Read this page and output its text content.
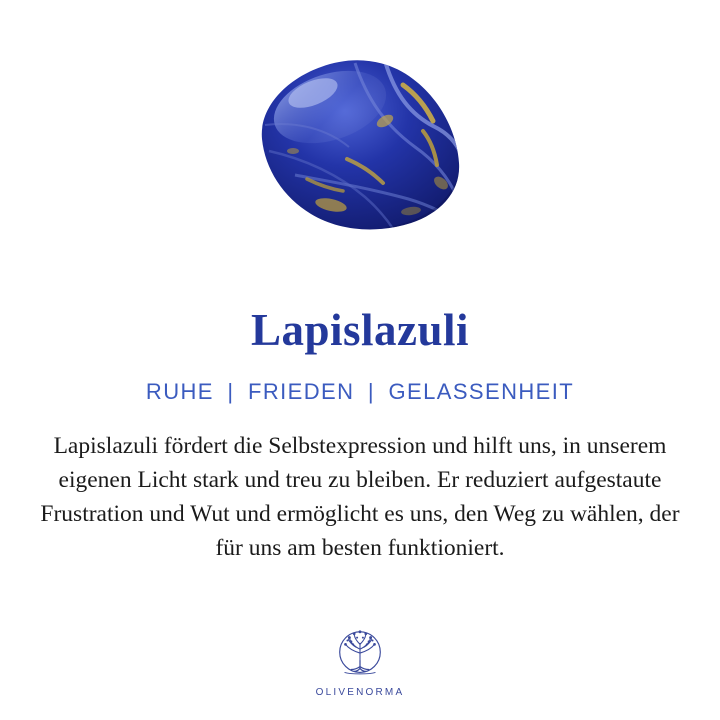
Lapislazuli
RUHE | FRIEDEN | GELASSENHEIT

Lapislazuli fördert die Selbstexpression und hilft uns, in unserem eigenen Licht stark und treu zu bleiben. Er reduziert aufgestaute Frustration und Wut und ermöglicht es uns, den Weg zu wählen, der für uns am besten funktioniert.

OLIVENORMA
